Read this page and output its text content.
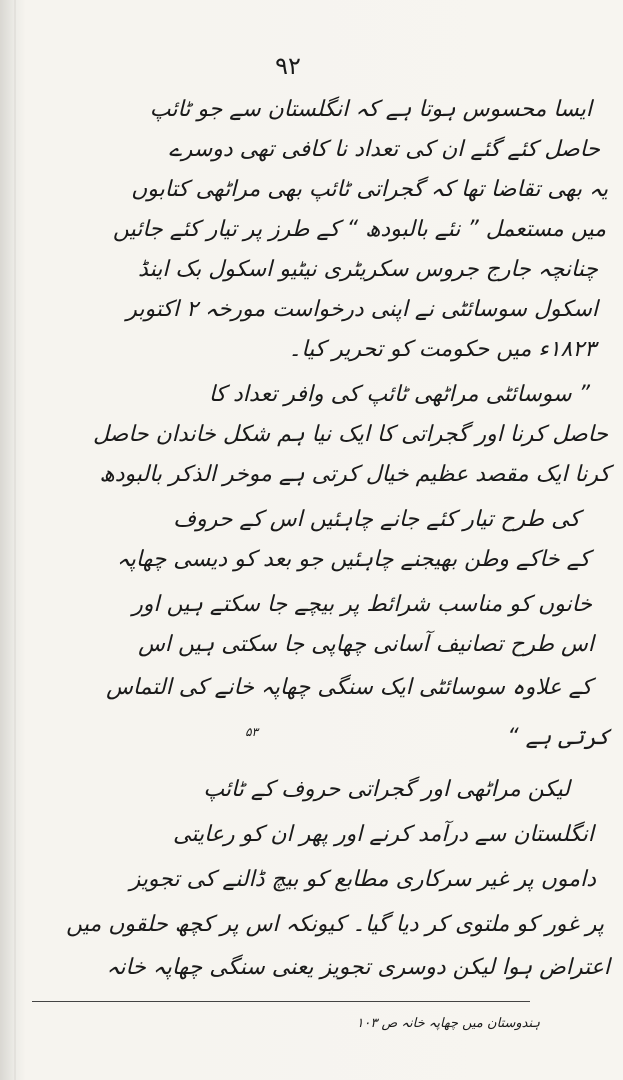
۹۲
ایسا محسوس ہوتا ہے کہ انگلستان سے جو ٹائپ
حاصل کئے گئے ان کی تعداد نا کافی تھی دوسرے
یہ بھی تقاضا تھا کہ گجراتی ٹائپ بھی مراٹھی کتابوں
میں مستعمل ” نئے بالبودھ “ کے طرز پر تیار کئے جائیں
چنانچہ جارج جروس سکریٹری نیٹیو اسکول بک اینڈ
اسکول سوسائٹی نے اپنی درخواست مورخہ ۲ اکتوبر
۱۸۲۳ء میں حکومت کو تحریر کیا۔
” سوسائٹی مراٹھی ٹائپ کی وافر تعداد کا
حاصل کرنا اور گجراتی کا ایک نیا ہم شکل خاندان حاصل
کرنا ایک مقصد عظیم خیال کرتی ہے موخر الذکر بالبودھ
کی طرح تیار کئے جانے چاہئیں اس کے حروف
کے خاکے وطن بھیجنے چاہئیں جو بعد کو دیسی چھاپہ
خانوں کو مناسب شرائط پر بیچے جا سکتے ہیں اور
اس طرح تصانیف آسانی چھاپی جا سکتی ہیں اس
کے علاوہ سوسائٹی ایک سنگی چھاپہ خانے کی التماس
کرتی ہے “$^{۵۳}$
لیکن مراٹھی اور گجراتی حروف کے ٹائپ
انگلستان سے درآمد کرنے اور پھر ان کو رعایتی
داموں پر غیر سرکاری مطابع کو بیچ ڈالنے کی تجویز
پر غور کو ملتوی کر دیا گیا۔ کیونکہ اس پر کچھ حلقوں میں
اعتراض ہوا لیکن دوسری تجویز یعنی سنگی چھاپہ خانہ
ہندوستان میں چھاپہ خانہ ص ۱۰۳
